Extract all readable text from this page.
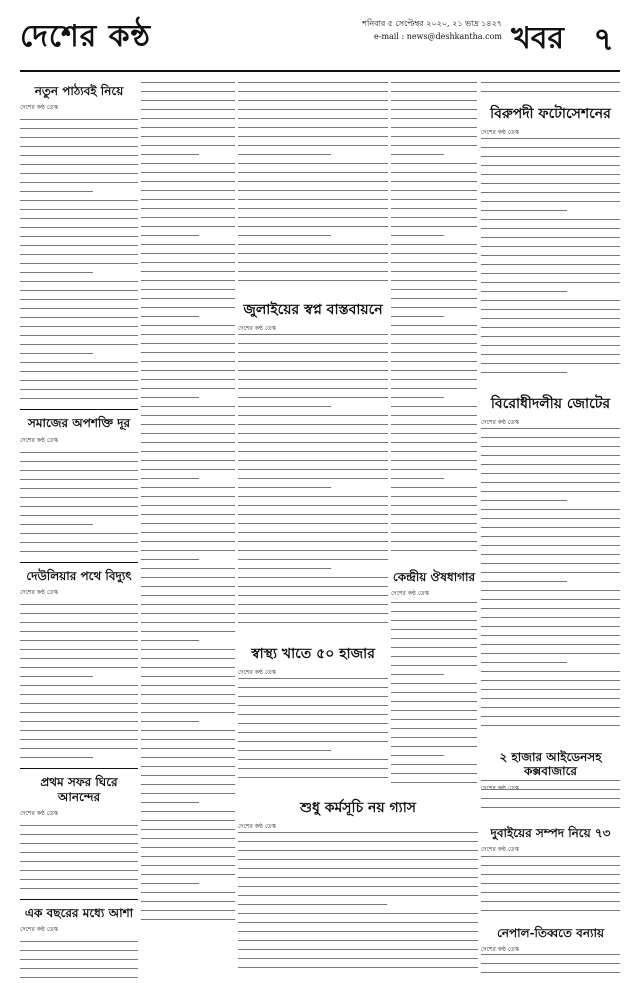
দেশের কন্ঠ	শনিবার ৫ সেপ্টেম্বর ২০২০, ২১ ভাদ্র ১৪২৭
e-mail : news@deshkantha.com খবর ৭
নতুন পাঠ্যবই নিয়ে
দেশের কন্ঠ ডেস্ক
সমাজের অপশক্তি দূর
দেশের কন্ঠ ডেস্ক
দেউলিয়ার পথে বিদ্যুৎ
দেশের কন্ঠ ডেস্ক
প্রথম সফর ঘিরে আনন্দের
দেশের কন্ঠ ডেস্ক
এক বছরের মধ্যে আশা
দেশের কন্ঠ ডেস্ক
জুলাইয়ের স্বপ্ন বাস্তবায়নে
দেশের কন্ঠ ডেস্ক
স্বাস্থ্য খাতে ৫০ হাজার
দেশের কন্ঠ ডেস্ক
শুধু কর্মসূচি নয় গ্যাস
দেশের কন্ঠ ডেস্ক
কেন্দ্রীয় ঔষধাগার
দেশের কন্ঠ ডেস্ক
বিরুপদী ফটোসেশনের
দেশের কন্ঠ ডেস্ক
বিরোধীদলীয় জোটের
দেশের কন্ঠ ডেস্ক
২ হাজার আইডেনসহ কক্সবাজারে
দেশের কন্ঠ ডেস্ক
দুবাইয়ের সম্পদ নিয়ে ৭৩
দেশের কন্ঠ ডেস্ক
নেপাল-তিব্বতে বন্যায়
দেশের কন্ঠ ডেস্ক
